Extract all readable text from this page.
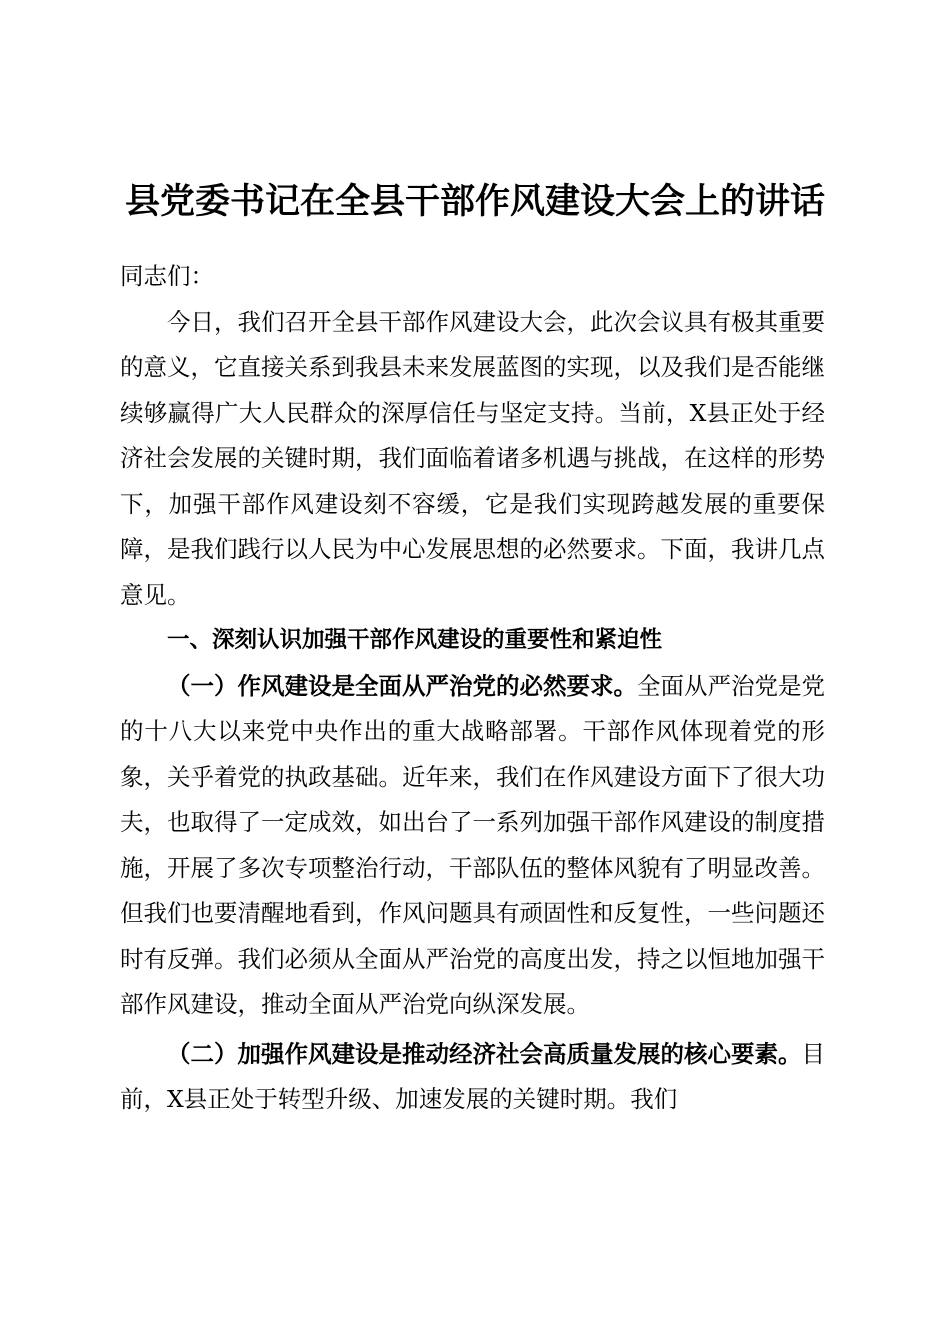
县党委书记在全县干部作风建设大会上的讲话

同志们：

今日，我们召开全县干部作风建设大会，此次会议具有极其重要的意义，它直接关系到我县未来发展蓝图的实现，以及我们是否能继续够赢得广大人民群众的深厚信任与坚定支持。当前，X县正处于经济社会发展的关键时期，我们面临着诸多机遇与挑战，在这样的形势下，加强干部作风建设刻不容缓，它是我们实现跨越发展的重要保障，是我们践行以人民为中心发展思想的必然要求。下面，我讲几点意见。

一、深刻认识加强干部作风建设的重要性和紧迫性

（一）作风建设是全面从严治党的必然要求。全面从严治党是党的十八大以来党中央作出的重大战略部署。干部作风体现着党的形象，关乎着党的执政基础。近年来，我们在作风建设方面下了很大功夫，也取得了一定成效，如出台了一系列加强干部作风建设的制度措施，开展了多次专项整治行动，干部队伍的整体风貌有了明显改善。但我们也要清醒地看到，作风问题具有顽固性和反复性，一些问题还时有反弹。我们必须从全面从严治党的高度出发，持之以恒地加强干部作风建设，推动全面从严治党向纵深发展。

（二）加强作风建设是推动经济社会高质量发展的核心要素。目前，X县正处于转型升级、加速发展的关键时期。我们
